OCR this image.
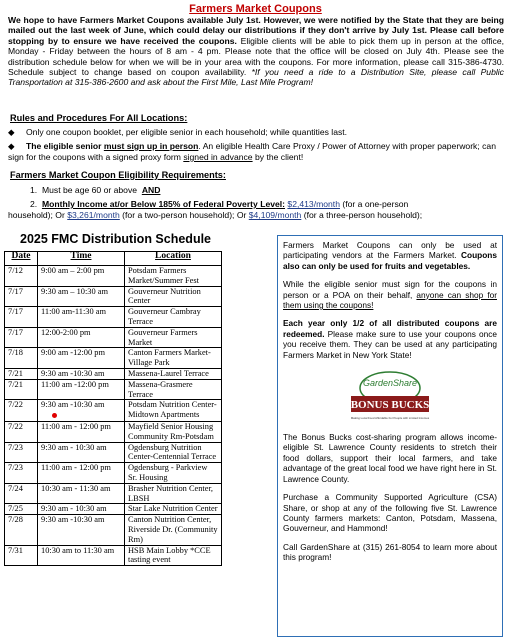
Farmers Market Coupons
We hope to have Farmers Market Coupons available July 1st. However, we were notified by the State that they are being mailed out the last week of June, which could delay our distributions if they don't arrive by July 1st. Please call before stopping by to ensure we have received the coupons. Eligible clients will be able to pick them up in person at the office, Monday - Friday between the hours of 8 am - 4 pm. Please note that the office will be closed on July 4th. Please see the distribution schedule below for when we will be in your area with the coupons. For more information, please call 315-386-4730. Schedule subject to change based on coupon availability. *If you need a ride to a Distribution Site, please call Public Transportation at 315-386-2600 and ask about the First Mile, Last Mile Program!
Rules and Procedures For All Locations:
◆ Only one coupon booklet, per eligible senior in each household; while quantities last.
◆ The eligible senior must sign up in person. An eligible Health Care Proxy / Power of Attorney with proper paperwork; can sign for the coupons with a signed proxy form signed in advance by the client!
Farmers Market Coupon Eligibility Requirements:
1. Must be age 60 or above AND
2. Monthly Income at/or Below 185% of Federal Poverty Level: $2,413/month (for a one-person
household); Or $3,261/month (for a two-person household); Or $4,109/month (for a three-person household);
2025 FMC Distribution Schedule
Date	Time	Location
7/12	9:00 am – 2:00 pm	Potsdam Farmers Market/Summer Fest
7/17	9:30 am – 10:30 am	Gouverneur Nutrition Center
7/17	11:00 am-11:30 am	Gouverneur Cambray Terrace
7/17	12:00-2:00 pm	Gouverneur Farmers Market
7/18	9:00 am -12:00 pm	Canton Farmers Market-Village Park
7/21	9:30 am -10:30 am	Massena-Laurel Terrace
7/21	11:00 am -12:00 pm	Massena-Grasmere Terrace
7/22	9:30 am -10:30 am	Potsdam Nutrition Center-Midtown Apartments
7/22	11:00 am - 12:00 pm	Mayfield Senior Housing Community Rm-Potsdam
7/23	9:30 am - 10:30 am	Ogdensburg Nutrition Center-Centennial Terrace
7/23	11:00 am - 12:00 pm	Ogdensburg - Parkview Sr. Housing
7/24	10:30 am - 11:30 am	Brasher Nutrition Center, LBSH
7/25	9:30 am - 10:30 am	Star Lake Nutrition Center
7/28	9:30 am -10:30 am	Canton Nutrition Center, Riverside Dr. (Community Rm)
7/31	10:30 am to 11:30 am	HSB Main Lobby *CCE tasting event

Farmers Market Coupons can only be used at participating vendors at the Farmers Market. Coupons also can only be used for fruits and vegetables.

While the eligible senior must sign for the coupons in person or a POA on their behalf, anyone can shop for them using the coupons!

Each year only 1/2 of all distributed coupons are redeemed. Please make sure to use your coupons once you receive them. They can be used at any participating Farmers Market in New York State!

GardenShare
BONUS BUCKS
Making Local Food Affordable For People with Limited Incomes

The Bonus Bucks cost-sharing program allows income-eligible St. Lawrence County residents to stretch their food dollars, support their local farmers, and take advantage of the great local food we have right here in St. Lawrence County.

Purchase a Community Supported Agriculture (CSA) Share, or shop at any of the following five St. Lawrence County farmers markets: Canton, Potsdam, Massena, Gouverneur, and Hammond!

Call GardenShare at (315) 261-8054 to learn more about this program!
